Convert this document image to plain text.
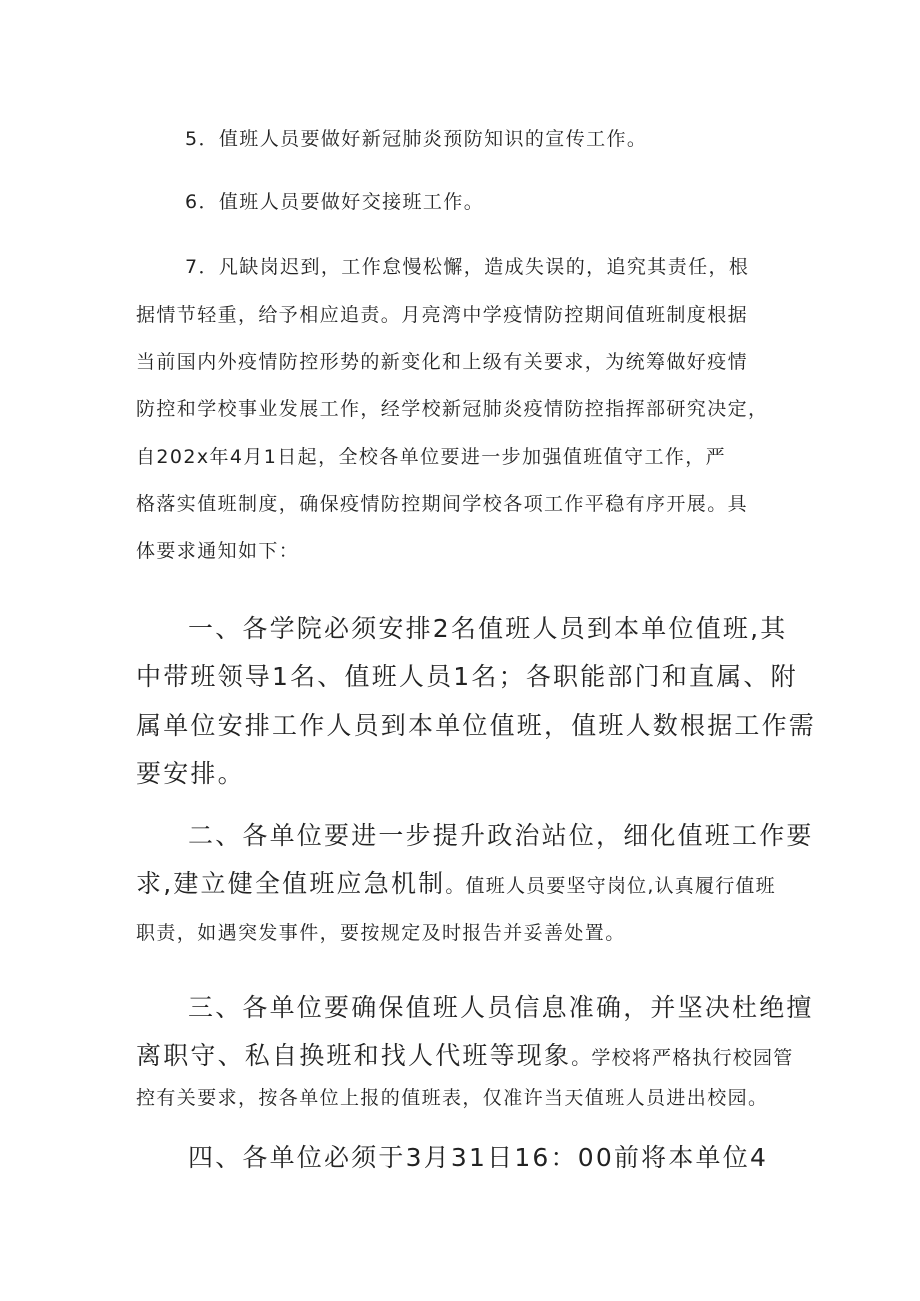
5．值班人员要做好新冠肺炎预防知识的宣传工作。
6．值班人员要做好交接班工作。
7．凡缺岗迟到，工作怠慢松懈，造成失误的，追究其责任，根
据情节轻重，给予相应追责。月亮湾中学疫情防控期间值班制度根据
当前国内外疫情防控形势的新变化和上级有关要求，为统筹做好疫情
防控和学校事业发展工作，经学校新冠肺炎疫情防控指挥部研究决定，
自202x年4月1日起，全校各单位要进一步加强值班值守工作，严
格落实值班制度，确保疫情防控期间学校各项工作平稳有序开展。具
体要求通知如下：
一、各学院必须安排2名值班人员到本单位值班,其
中带班领导1名、值班人员1名；各职能部门和直属、附
属单位安排工作人员到本单位值班，值班人数根据工作需
要安排。
二、各单位要进一步提升政治站位，细化值班工作要
求,建立健全值班应急机制。值班人员要坚守岗位,认真履行值班
职责，如遇突发事件，要按规定及时报告并妥善处置。
三、各单位要确保值班人员信息准确，并坚决杜绝擅
离职守、私自换班和找人代班等现象。学校将严格执行校园管
控有关要求，按各单位上报的值班表，仅准许当天值班人员进出校园。
四、各单位必须于3月31日16：00前将本单位4
